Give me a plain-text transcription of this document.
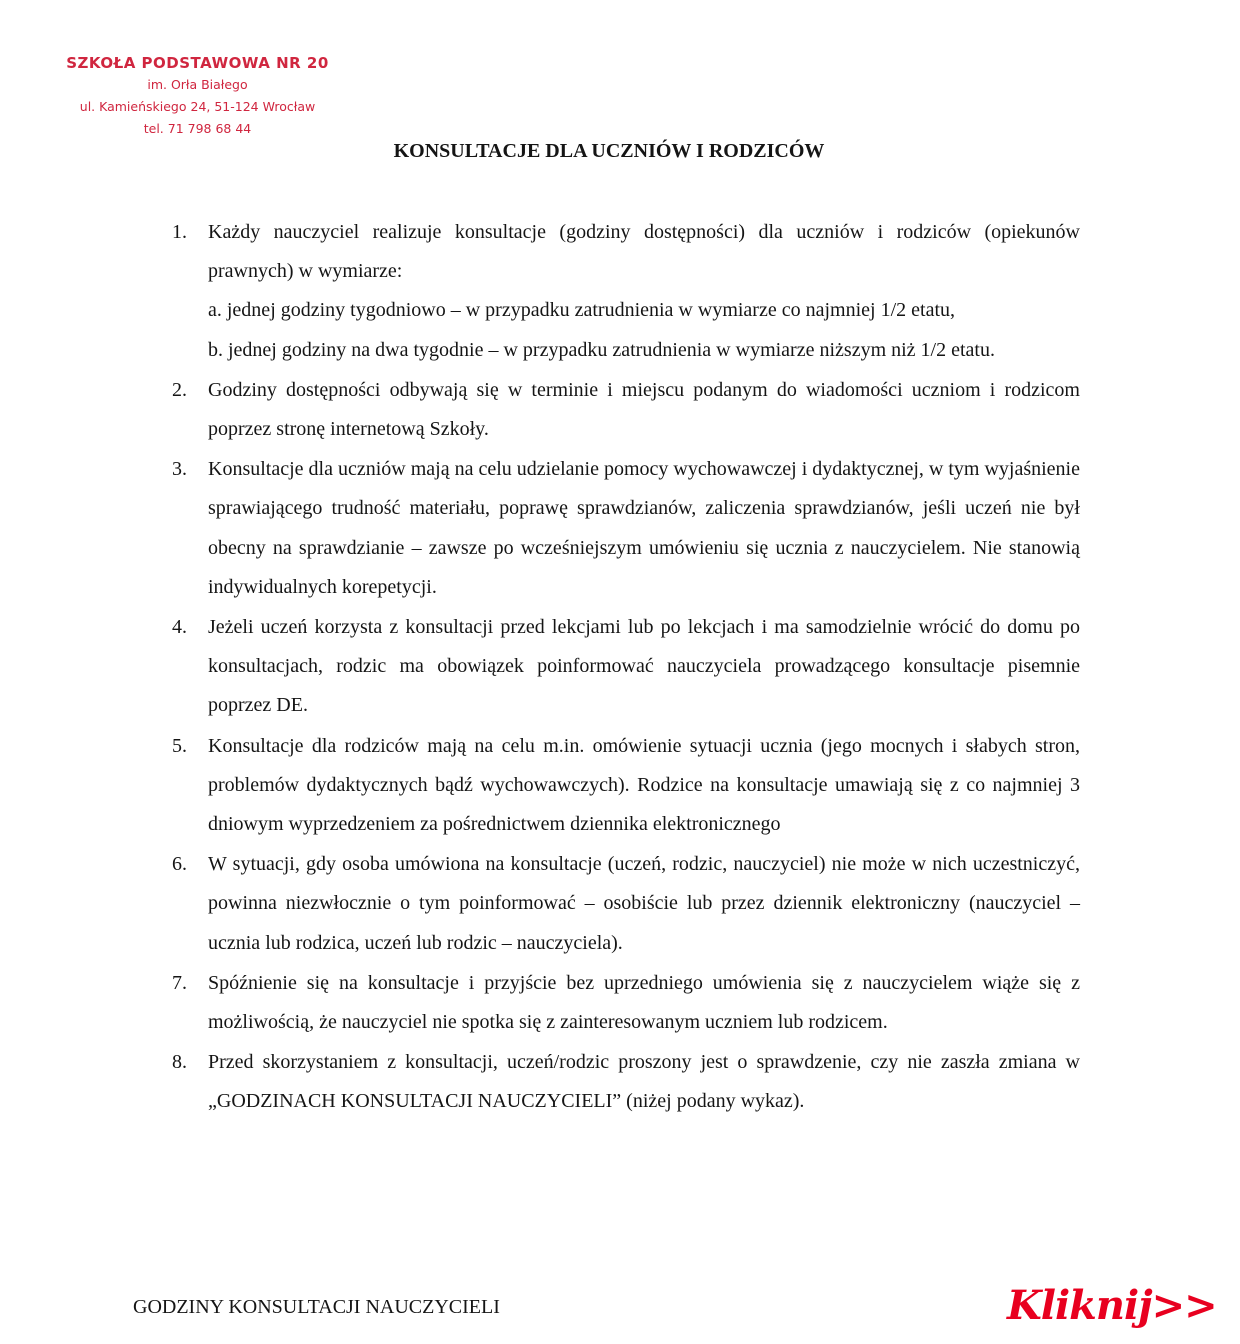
SZKOŁA PODSTAWOWA NR 20
im. Orła Białego
ul. Kamieńskiego 24, 51-124 Wrocław
tel. 71 798 68 44
KONSULTACJE DLA UCZNIÓW I RODZICÓW
1. Każdy nauczyciel realizuje konsultacje (godziny dostępności) dla uczniów i rodziców (opiekunów prawnych) w wymiarze:
a. jednej godziny tygodniowo – w przypadku zatrudnienia w wymiarze co najmniej 1/2 etatu,
b. jednej godziny na dwa tygodnie – w przypadku zatrudnienia w wymiarze niższym niż 1/2 etatu.
2. Godziny dostępności odbywają się w terminie i miejscu podanym do wiadomości uczniom i rodzicom poprzez stronę internetową Szkoły.
3. Konsultacje dla uczniów mają na celu udzielanie pomocy wychowawczej i dydaktycznej, w tym wyjaśnienie sprawiającego trudność materiału, poprawę sprawdzianów, zaliczenia sprawdzianów, jeśli uczeń nie był obecny na sprawdzianie – zawsze po wcześniejszym umówieniu się ucznia z nauczycielem. Nie stanowią indywidualnych korepetycji.
4. Jeżeli uczeń korzysta z konsultacji przed lekcjami lub po lekcjach i ma samodzielnie wrócić do domu po konsultacjach, rodzic ma obowiązek poinformować nauczyciela prowadzącego konsultacje pisemnie poprzez DE.
5. Konsultacje dla rodziców mają na celu m.in. omówienie sytuacji ucznia (jego mocnych i słabych stron, problemów dydaktycznych bądź wychowawczych). Rodzice na konsultacje umawiają się z co najmniej 3 dniowym wyprzedzeniem za pośrednictwem dziennika elektronicznego
6. W sytuacji, gdy osoba umówiona na konsultacje (uczeń, rodzic, nauczyciel) nie może w nich uczestniczyć, powinna niezwłocznie o tym poinformować – osobiście lub przez dziennik elektroniczny (nauczyciel – ucznia lub rodzica, uczeń lub rodzic – nauczyciela).
7. Spóźnienie się na konsultacje i przyjście bez uprzedniego umówienia się z nauczycielem wiąże się z możliwością, że nauczyciel nie spotka się z zainteresowanym uczniem lub rodzicem.
8. Przed skorzystaniem z konsultacji, uczeń/rodzic proszony jest o sprawdzenie, czy nie zaszła zmiana w „GODZINACH KONSULTACJI NAUCZYCIELI” (niżej podany wykaz).
GODZINY KONSULTACJI NAUCZYCIELI	Kliknij>>
